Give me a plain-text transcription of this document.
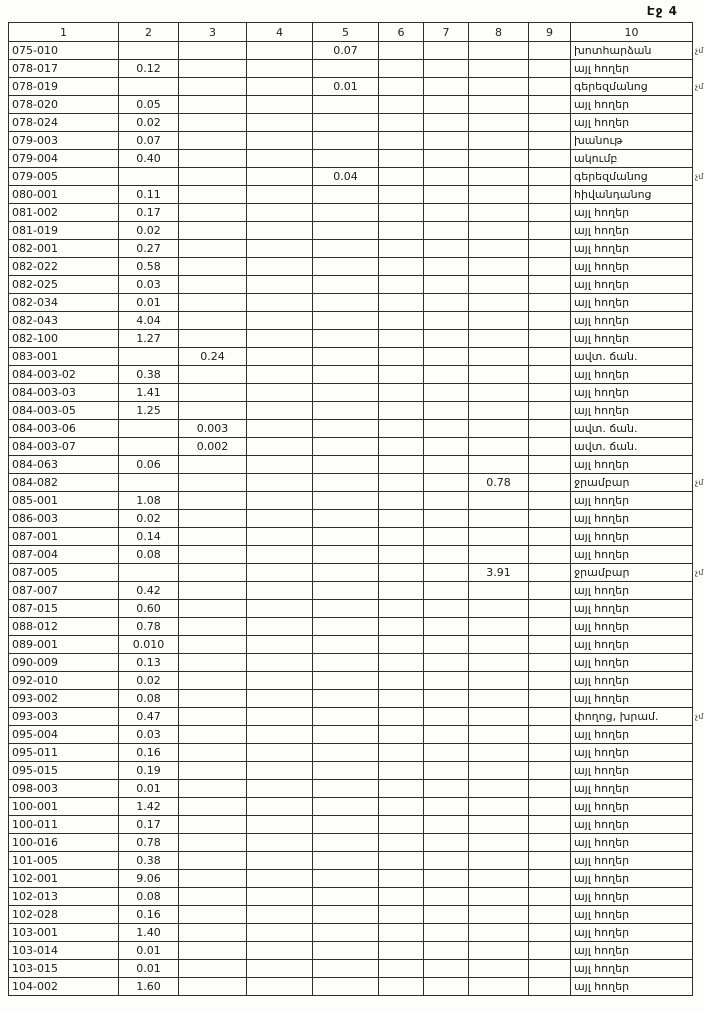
Էջ 4
1	2	3	4	5	6	7	8	9	10	
075-010				0.07					խոտհարձան	չմ
078-017	0.12								այլ հողեր	
078-019				0.01					գերեզմանոց	չմ
078-020	0.05								այլ հողեր	
078-024	0.02								այլ հողեր	
079-003	0.07								խանութ	
079-004	0.40								ակումբ	
079-005				0.04					գերեզմանոց	չմ
080-001	0.11								հիվանդանոց	
081-002	0.17								այլ հողեր	
081-019	0.02								այլ հողեր	
082-001	0.27								այլ հողեր	
082-022	0.58								այլ հողեր	
082-025	0.03								այլ հողեր	
082-034	0.01								այլ հողեր	
082-043	4.04								այլ հողեր	
082-100	1.27								այլ հողեր	
083-001		0.24							ավտ. ճան.	
084-003-02	0.38								այլ հողեր	
084-003-03	1.41								այլ հողեր	
084-003-05	1.25								այլ հողեր	
084-003-06		0.003							ավտ. ճան.	
084-003-07		0.002							ավտ. ճան.	
084-063	0.06								այլ հողեր	
084-082							0.78		ջրամբար	չմ
085-001	1.08								այլ հողեր	
086-003	0.02								այլ հողեր	
087-001	0.14								այլ հողեր	
087-004	0.08								այլ հողեր	
087-005							3.91		ջրամբար	չմ
087-007	0.42								այլ հողեր	
087-015	0.60								այլ հողեր	
088-012	0.78								այլ հողեր	
089-001	0.010								այլ հողեր	
090-009	0.13								այլ հողեր	
092-010	0.02								այլ հողեր	
093-002	0.08								այլ հողեր	
093-003	0.47								փողոց, խրամ.	չմ
095-004	0.03								այլ հողեր	
095-011	0.16								այլ հողեր	
095-015	0.19								այլ հողեր	
098-003	0.01								այլ հողեր	
100-001	1.42								այլ հողեր	
100-011	0.17								այլ հողեր	
100-016	0.78								այլ հողեր	
101-005	0.38								այլ հողեր	
102-001	9.06								այլ հողեր	
102-013	0.08								այլ հողեր	
102-028	0.16								այլ հողեր	
103-001	1.40								այլ հողեր	
103-014	0.01								այլ հողեր	
103-015	0.01								այլ հողեր	
104-002	1.60								այլ հողեր	
